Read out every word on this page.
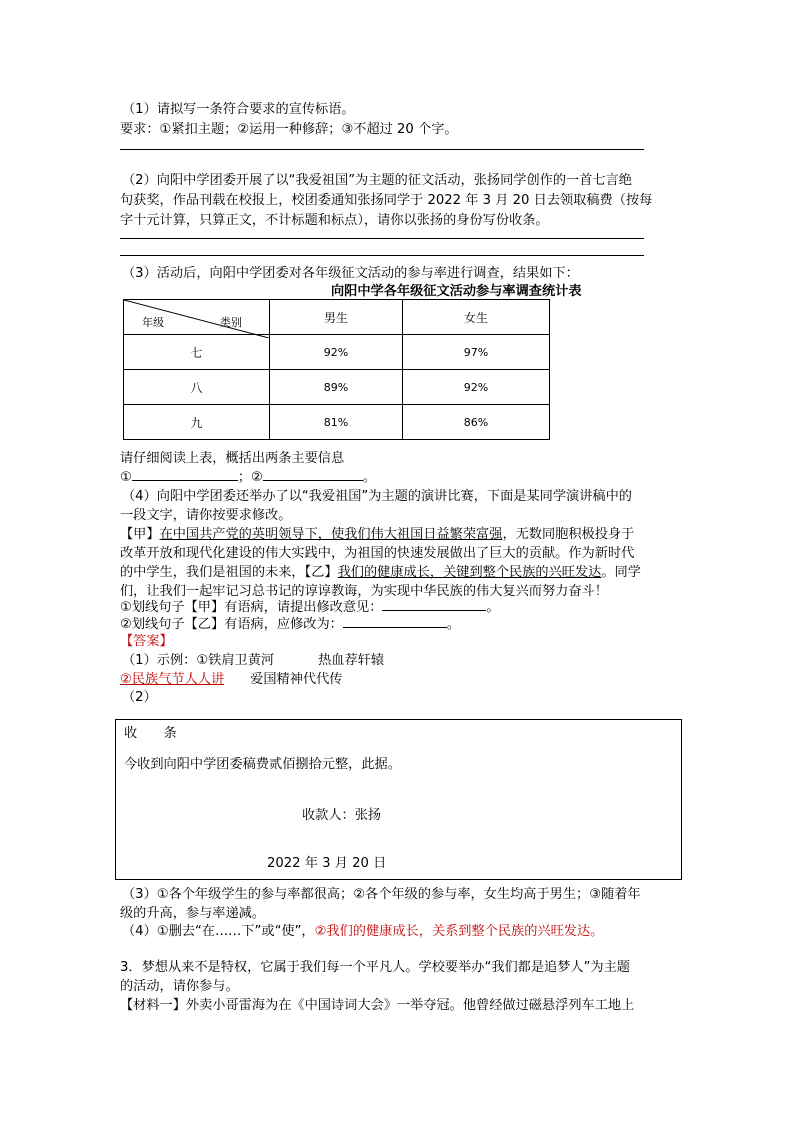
（1）请拟写一条符合要求的宣传标语。
要求：①紧扣主题；②运用一种修辞；③不超过 20 个字。
（2）向阳中学团委开展了以“我爱祖国”为主题的征文活动，张扬同学创作的一首七言绝
句获奖，作品刊载在校报上，校团委通知张扬同学于 2022 年 3 月 20 日去领取稿费（按每
字十元计算，只算正文，不计标题和标点），请你以张扬的身份写份收条。
（3）活动后，向阳中学团委对各年级征文活动的参与率进行调查，结果如下：
向阳中学各年级征文活动参与率调查统计表
年级 类别	男生	女生
七	92%	97%
八	89%	92%
九	81%	86%
请仔细阅读上表，概括出两条主要信息
①	；②	。
（4）向阳中学团委还举办了以“我爱祖国”为主题的演讲比赛，下面是某同学演讲稿中的
一段文字，请你按要求修改。
【甲】在中国共产党的英明领导下，使我们伟大祖国日益繁荣富强，无数同胞积极投身于
改革开放和现代化建设的伟大实践中，为祖国的快速发展做出了巨大的贡献。作为新时代
的中学生，我们是祖国的未来，【乙】我们的健康成长，关键到整个民族的兴旺发达。同学
们，让我们一起牢记习总书记的谆谆教诲，为实现中华民族的伟大复兴而努力奋斗！
①划线句子【甲】有语病，请提出修改意见：	。
②划线句子【乙】有语病，应修改为：	。
【答案】
（1）示例：①铁肩卫黄河	热血荐轩辕
②民族气节人人讲 爱国精神代代传
（2）
收　　条
今收到向阳中学团委稿费贰佰捌拾元整，此据。
收款人：张扬
2022 年 3 月 20 日
（3）①各个年级学生的参与率都很高；②各个年级的参与率，女生均高于男生；③随着年
级的升高，参与率递减。
（4）①删去“在……下”或“使”，②我们的健康成长，关系到整个民族的兴旺发达。
3．梦想从来不是特权，它属于我们每一个平凡人。学校要举办“我们都是追梦人”为主题
的活动，请你参与。
【材料一】外卖小哥雷海为在《中国诗词大会》一举夺冠。他曾经做过磁悬浮列车工地上
